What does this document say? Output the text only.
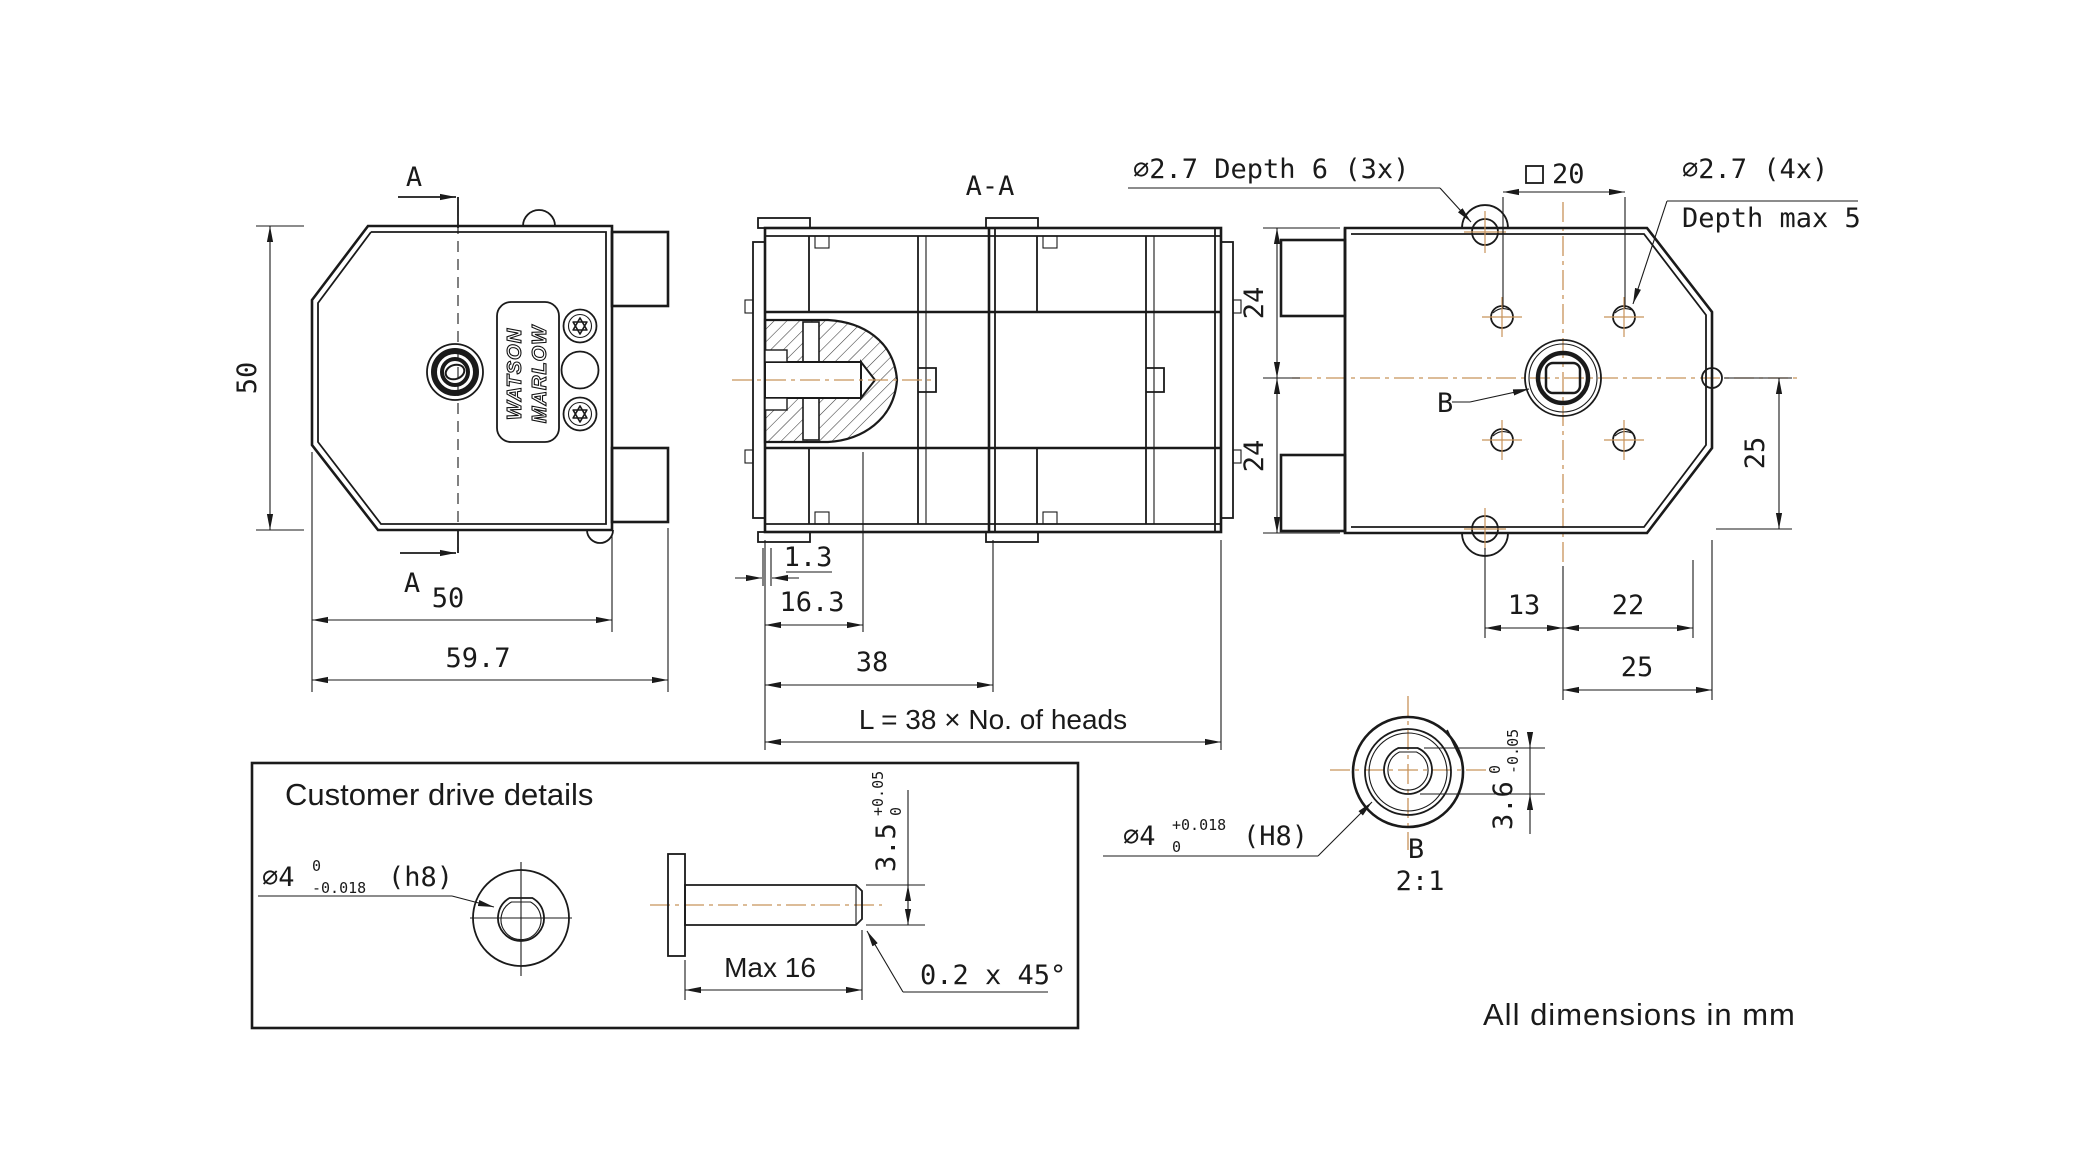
WATSON MARLOW
A
A
50
50
59.7
A-A
1.3
16.3
38
L = 38 × No. of heads
B
⌀2.7 Depth 6 (3x)	20	⌀2.7 (4x)
Depth max 5
24
24	25
13	22
25
3.6
0 -0.05
⌀4 +0.018
0 (H8)	B
2:1
Customer drive details
⌀4 0
-0.018 (h8)
Max 16
3.5
+0.05 0
0.2 x 45°
All dimensions in mm
